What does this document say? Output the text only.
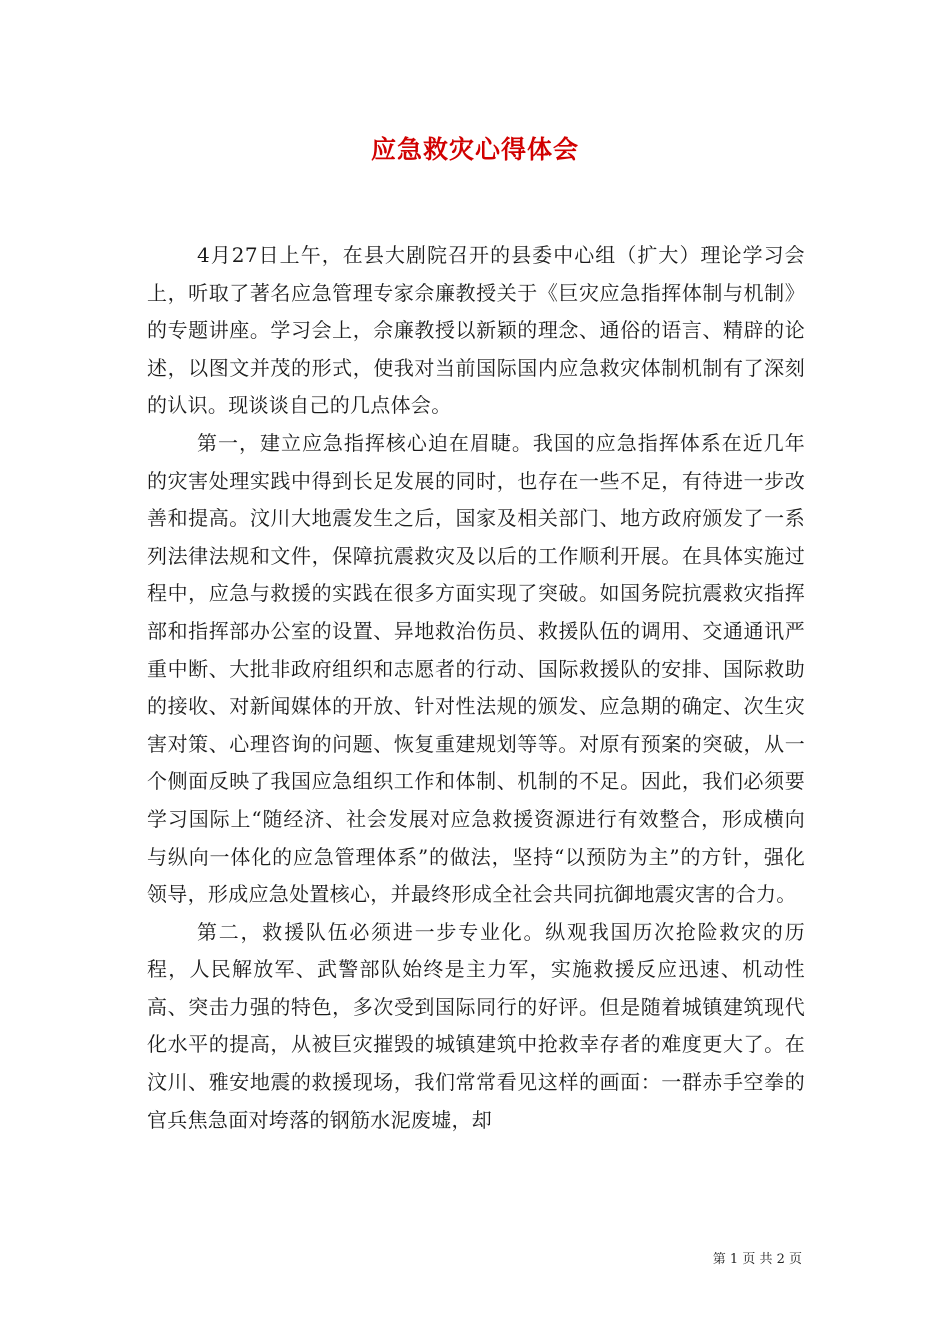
应急救灾心得体会

4月27日上午，在县大剧院召开的县委中心组（扩大）理论学习会上，听取了著名应急管理专家佘廉教授关于《巨灾应急指挥体制与机制》的专题讲座。学习会上，佘廉教授以新颖的理念、通俗的语言、精辟的论述，以图文并茂的形式，使我对当前国际国内应急救灾体制机制有了深刻的认识。现谈谈自己的几点体会。

第一，建立应急指挥核心迫在眉睫。我国的应急指挥体系在近几年的灾害处理实践中得到长足发展的同时，也存在一些不足，有待进一步改善和提高。汶川大地震发生之后，国家及相关部门、地方政府颁发了一系列法律法规和文件，保障抗震救灾及以后的工作顺利开展。在具体实施过程中，应急与救援的实践在很多方面实现了突破。如国务院抗震救灾指挥部和指挥部办公室的设置、异地救治伤员、救援队伍的调用、交通通讯严重中断、大批非政府组织和志愿者的行动、国际救援队的安排、国际救助的接收、对新闻媒体的开放、针对性法规的颁发、应急期的确定、次生灾害对策、心理咨询的问题、恢复重建规划等等。对原有预案的突破，从一个侧面反映了我国应急组织工作和体制、机制的不足。因此，我们必须要学习国际上“随经济、社会发展对应急救援资源进行有效整合，形成横向与纵向一体化的应急管理体系”的做法，坚持“以预防为主”的方针，强化领导，形成应急处置核心，并最终形成全社会共同抗御地震灾害的合力。

第二，救援队伍必须进一步专业化。纵观我国历次抢险救灾的历程，人民解放军、武警部队始终是主力军，实施救援反应迅速、机动性高、突击力强的特色，多次受到国际同行的好评。但是随着城镇建筑现代化水平的提高，从被巨灾摧毁的城镇建筑中抢救幸存者的难度更大了。在汶川、雅安地震的救援现场，我们常常看见这样的画面：一群赤手空拳的官兵焦急面对垮落的钢筋水泥废墟，却

第 1 页 共 2 页
